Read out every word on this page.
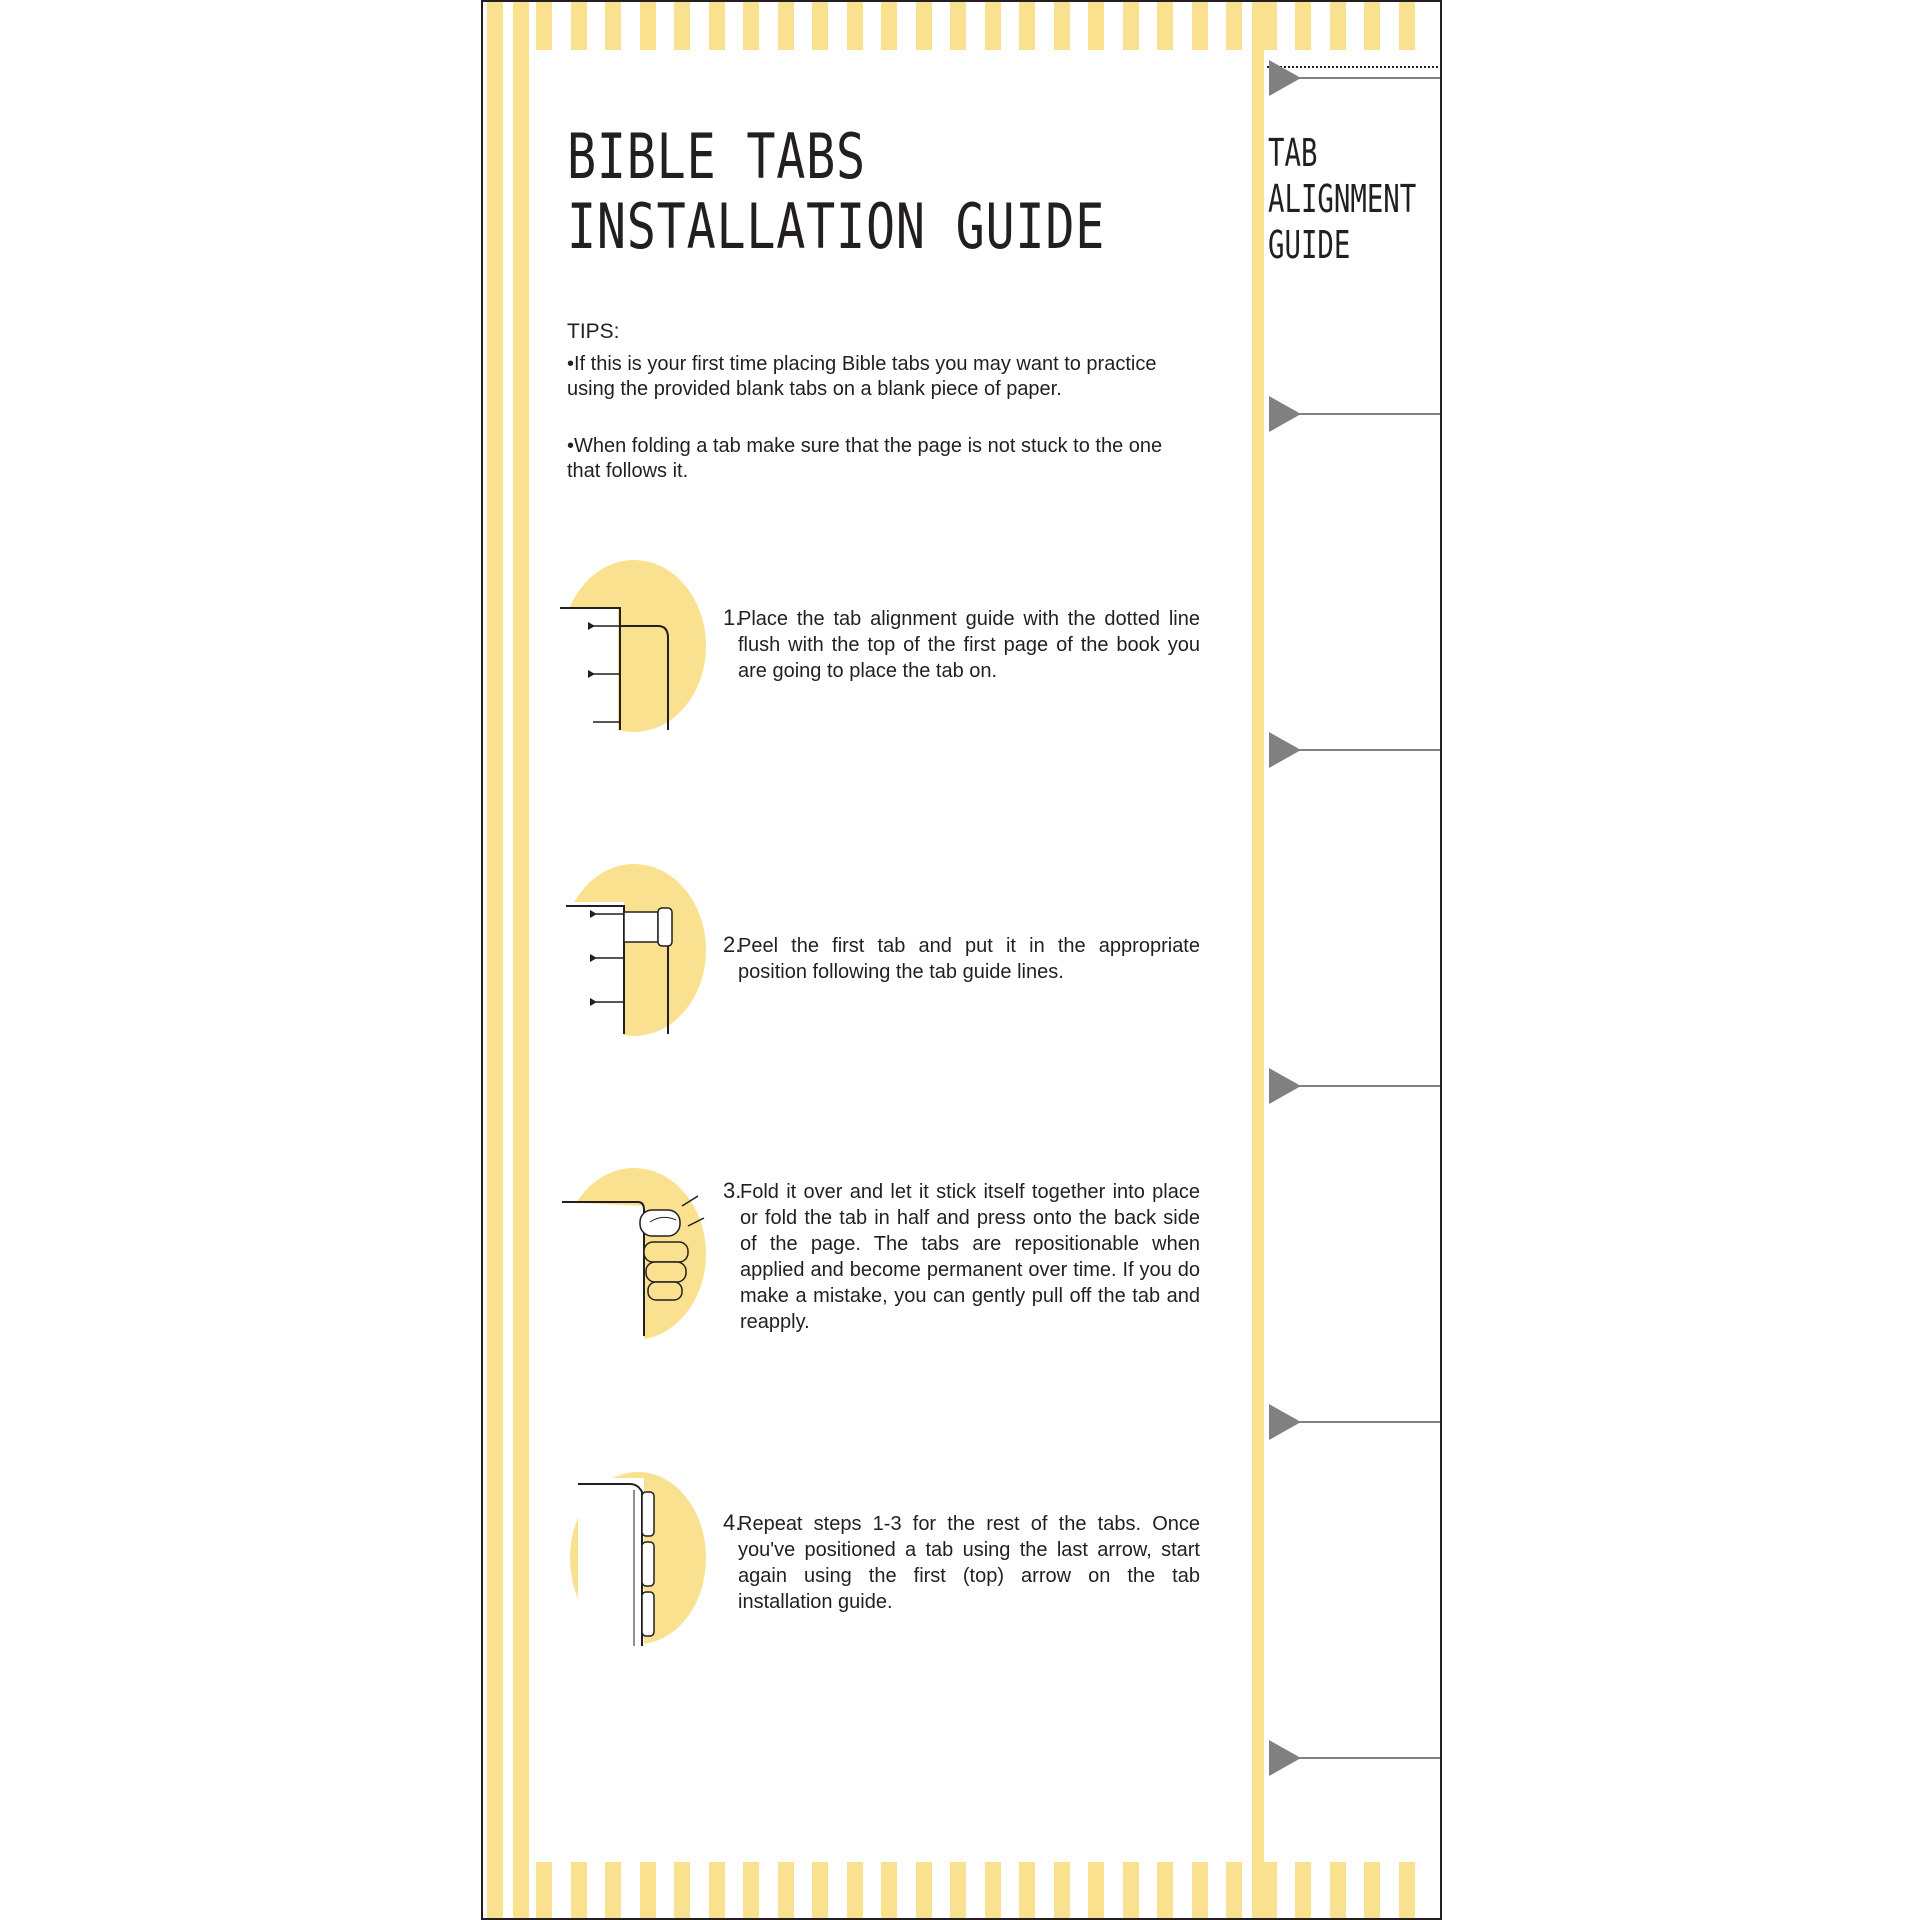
BIBLE TABS
INSTALLATION GUIDE
TIPS:
•If this is your first time placing Bible tabs you may want to practice using the provided blank tabs on a blank piece of paper.
•When folding a tab make sure that the page is not stuck to the one that follows it.
1.
Place the tab alignment guide with the dotted line flush with the top of the first page of the book you are going to place the tab on.
2.
Peel the first tab and put it in the appropriate position following the tab guide lines.
3.
Fold it over and let it stick itself together into place or fold the tab in half and press onto the back side of the page. The tabs are repositionable when applied and become permanent over time. If you do make a mistake, you can gently pull off the tab and reapply.
4.
Repeat steps 1-3 for the rest of the tabs. Once you've positioned a tab using the last arrow, start again using the first (top) arrow on the tab installation guide.
TAB
ALIGNMENT
GUIDE
